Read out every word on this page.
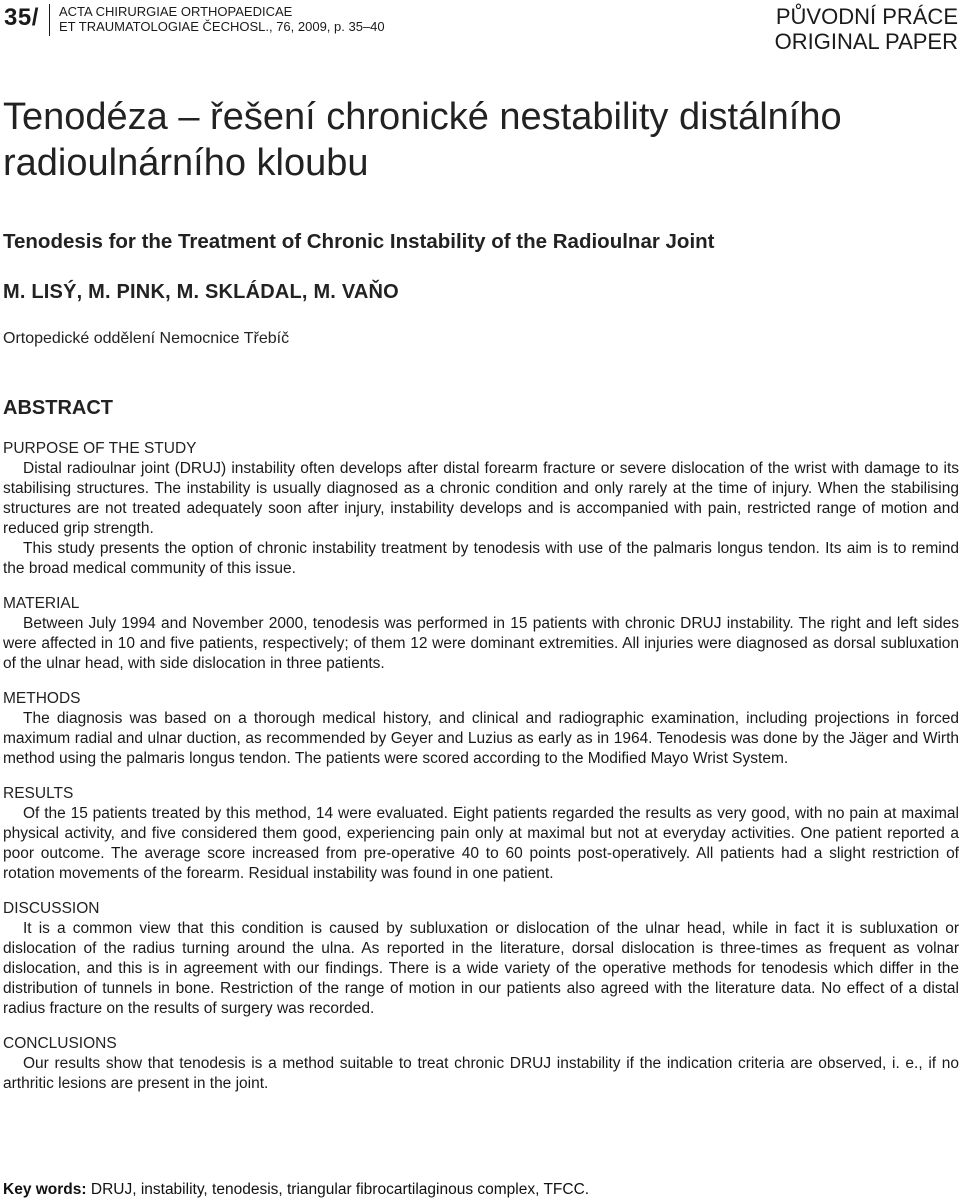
35/ ACTA CHIRURGIAE ORTHOPAEDICAE
ET TRAUMATOLOGIAE ČECHOSL., 76, 2009, p. 35–40	PŮVODNÍ PRÁCE
ORIGINAL PAPER
Tenodéza – řešení chronické nestability distálního
radioulnárního kloubu
Tenodesis for the Treatment of Chronic Instability of the Radioulnar Joint
M. LISÝ, M. PINK, M. SKLÁDAL, M. VAŇO
Ortopedické oddělení Nemocnice Třebíč
ABSTRACT
PURPOSE OF THE STUDY

Distal radioulnar joint (DRUJ) instability often develops after distal forearm fracture or severe dislocation of the wrist with damage to its stabilising structures. The instability is usually diagnosed as a chronic condition and only rarely at the time of injury. When the stabilising structures are not treated adequately soon after injury, instability develops and is accompanied with pain, restricted range of motion and reduced grip strength.

This study presents the option of chronic instability treatment by tenodesis with use of the palmaris longus tendon. Its aim is to remind the broad medical community of this issue.

MATERIAL

Between July 1994 and November 2000, tenodesis was performed in 15 patients with chronic DRUJ instability. The right and left sides were affected in 10 and five patients, respectively; of them 12 were dominant extremities. All injuries were diagnosed as dorsal subluxation of the ulnar head, with side dislocation in three patients.

METHODS

The diagnosis was based on a thorough medical history, and clinical and radiographic examination, including projections in forced maximum radial and ulnar duction, as recommended by Geyer and Luzius as early as in 1964. Tenodesis was done by the Jäger and Wirth method using the palmaris longus tendon. The patients were scored according to the Modified Mayo Wrist System.

RESULTS

Of the 15 patients treated by this method, 14 were evaluated. Eight patients regarded the results as very good, with no pain at maximal physical activity, and five considered them good, experiencing pain only at maximal but not at everyday activities. One patient reported a poor outcome. The average score increased from pre-operative 40 to 60 points post-operatively. All patients had a slight restriction of rotation movements of the forearm. Residual instability was found in one patient.

DISCUSSION

It is a common view that this condition is caused by subluxation or dislocation of the ulnar head, while in fact it is subluxation or dislocation of the radius turning around the ulna. As reported in the literature, dorsal dislocation is three-times as frequent as volnar dislocation, and this is in agreement with our findings. There is a wide variety of the operative methods for tenodesis which differ in the distribution of tunnels in bone. Restriction of the range of motion in our patients also agreed with the literature data. No effect of a distal radius fracture on the results of surgery was recorded.

CONCLUSIONS

Our results show that tenodesis is a method suitable to treat chronic DRUJ instability if the indication criteria are observed, i. e., if no arthritic lesions are present in the joint.

Key words: DRUJ, instability, tenodesis, triangular fibrocartilaginous complex, TFCC.
